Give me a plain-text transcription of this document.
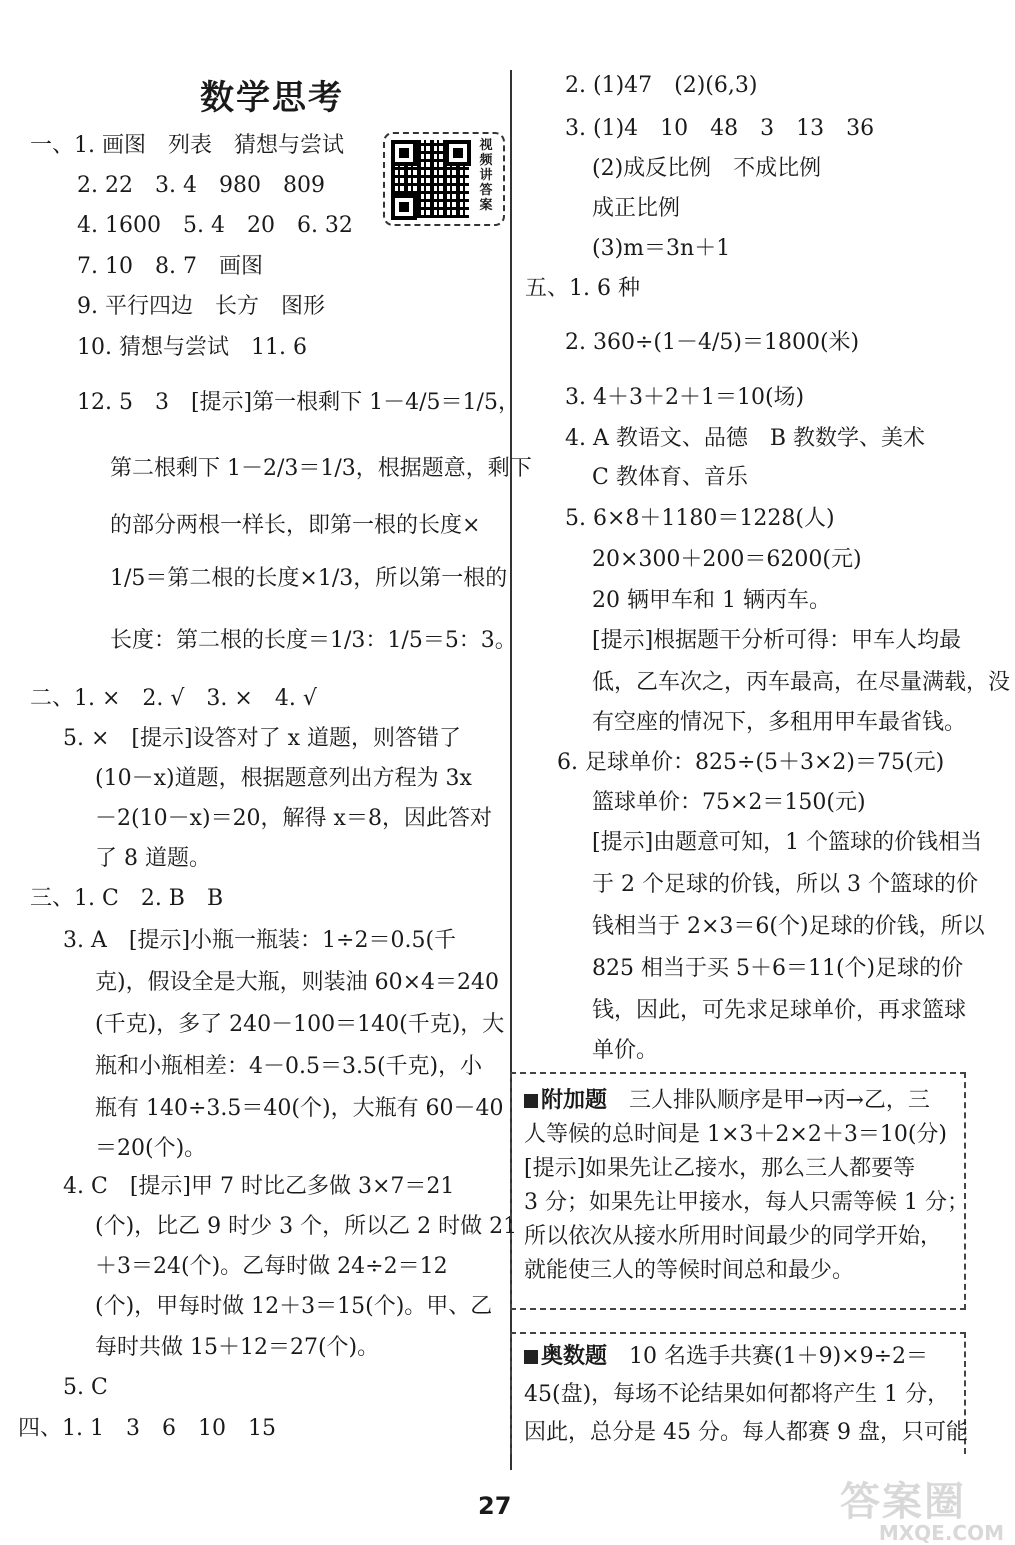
数学思考
视频讲答案
一、1. 画图　列表　猜想与尝试
2. 22　3. 4　980　809
4. 1600　5. 4　20　6. 32
7. 10　8. 7　画图
9. 平行四边　长方　图形
10. 猜想与尝试　11. 6
12. 5　3　[提示]第一根剩下 1－4/5＝1/5，
第二根剩下 1－2/3＝1/3，根据题意，剩下
的部分两根一样长，即第一根的长度×
1/5＝第二根的长度×1/3，所以第一根的
长度：第二根的长度＝1/3：1/5＝5：3。
二、1. ×　2. √　3. ×　4. √
5. ×　[提示]设答对了 x 道题，则答错了
(10－x)道题，根据题意列出方程为 3x
－2(10－x)＝20，解得 x＝8，因此答对
了 8 道题。
三、1. C　2. B　B
3. A　[提示]小瓶一瓶装：1÷2＝0.5(千
克)，假设全是大瓶，则装油 60×4＝240
(千克)，多了 240－100＝140(千克)，大
瓶和小瓶相差：4－0.5＝3.5(千克)，小
瓶有 140÷3.5＝40(个)，大瓶有 60－40
＝20(个)。
4. C　[提示]甲 7 时比乙多做 3×7＝21
(个)，比乙 9 时少 3 个，所以乙 2 时做 21
＋3＝24(个)。乙每时做 24÷2＝12
(个)，甲每时做 12＋3＝15(个)。甲、乙
每时共做 15＋12＝27(个)。
5. C
四、1. 1　3　6　10　15
2. (1)47　(2)(6,3)
3. (1)4　10　48　3　13　36
(2)成反比例　不成比例
成正比例
(3)m＝3n＋1
五、1. 6 种
2. 360÷(1－4/5)＝1800(米)
3. 4＋3＋2＋1＝10(场)
4. A 教语文、品德　B 教数学、美术
C 教体育、音乐
5. 6×8＋1180＝1228(人)
20×300＋200＝6200(元)
20 辆甲车和 1 辆丙车。
[提示]根据题干分析可得：甲车人均最
低，乙车次之，丙车最高，在尽量满载，没
有空座的情况下，多租用甲车最省钱。
6. 足球单价：825÷(5＋3×2)＝75(元)
篮球单价：75×2＝150(元)
[提示]由题意可知，1 个篮球的价钱相当
于 2 个足球的价钱，所以 3 个篮球的价
钱相当于 2×3＝6(个)足球的价钱，所以
825 相当于买 5＋6＝11(个)足球的价
钱，因此，可先求足球单价，再求篮球
单价。
附加题　三人排队顺序是甲→丙→乙，三
人等候的总时间是 1×3＋2×2＋3＝10(分)
[提示]如果先让乙接水，那么三人都要等
3 分；如果先让甲接水，每人只需等候 1 分；
所以依次从接水所用时间最少的同学开始，
就能使三人的等候时间总和最少。
奥数题　10 名选手共赛(1＋9)×9÷2＝
45(盘)，每场不论结果如何都将产生 1 分，
因此，总分是 45 分。每人都赛 9 盘，只可能
27	答案圈
MXQE.COM
